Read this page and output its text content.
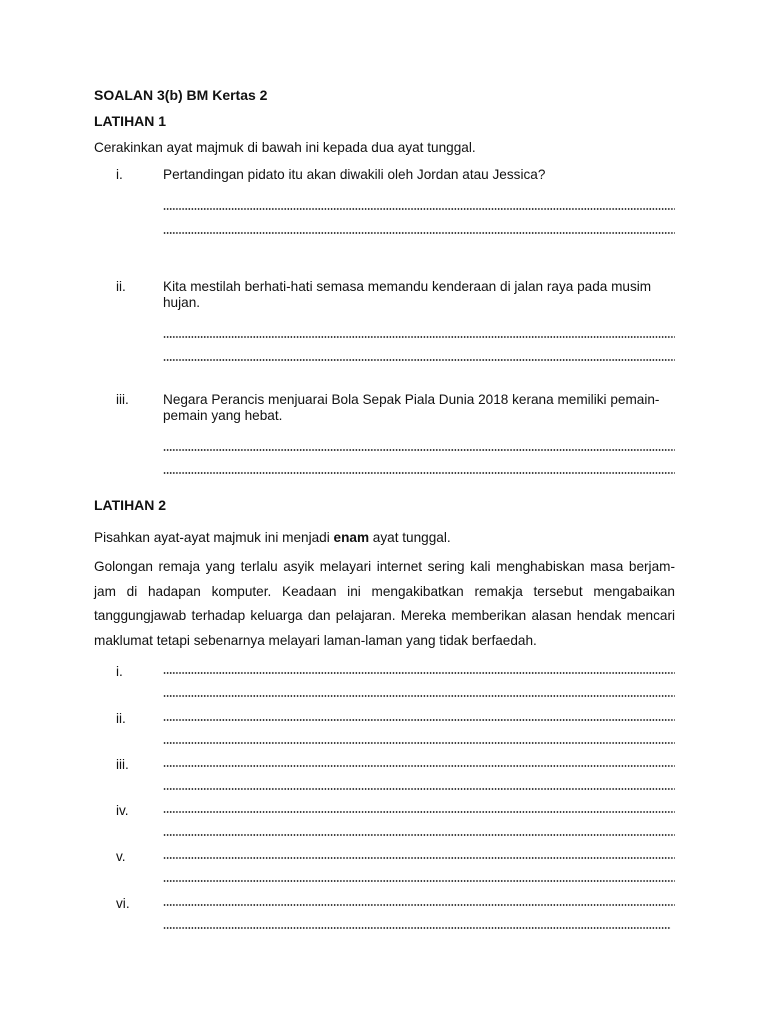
SOALAN 3(b) BM Kertas 2
LATIHAN 1
Cerakinkan ayat majmuk di bawah ini kepada dua ayat tunggal.
i.	Pertandingan pidato itu akan diwakili oleh Jordan atau Jessica?
ii.	Kita mestilah berhati-hati semasa memandu kenderaan di jalan raya pada musim hujan.
iii.	Negara Perancis menjuarai Bola Sepak Piala Dunia 2018 kerana memiliki pemain- pemain yang hebat.
LATIHAN 2
Pisahkan ayat-ayat majmuk ini menjadi enam ayat tunggal.
Golongan remaja yang terlalu asyik melayari internet sering kali menghabiskan masa berjam-jam di hadapan komputer. Keadaan ini mengakibatkan remakja tersebut mengabaikan tanggungjawab terhadap keluarga dan pelajaran. Mereka memberikan alasan hendak mencari maklumat tetapi sebenarnya melayari laman-laman yang tidak berfaedah.
i.
ii.
iii.
iv.
v.
vi.
